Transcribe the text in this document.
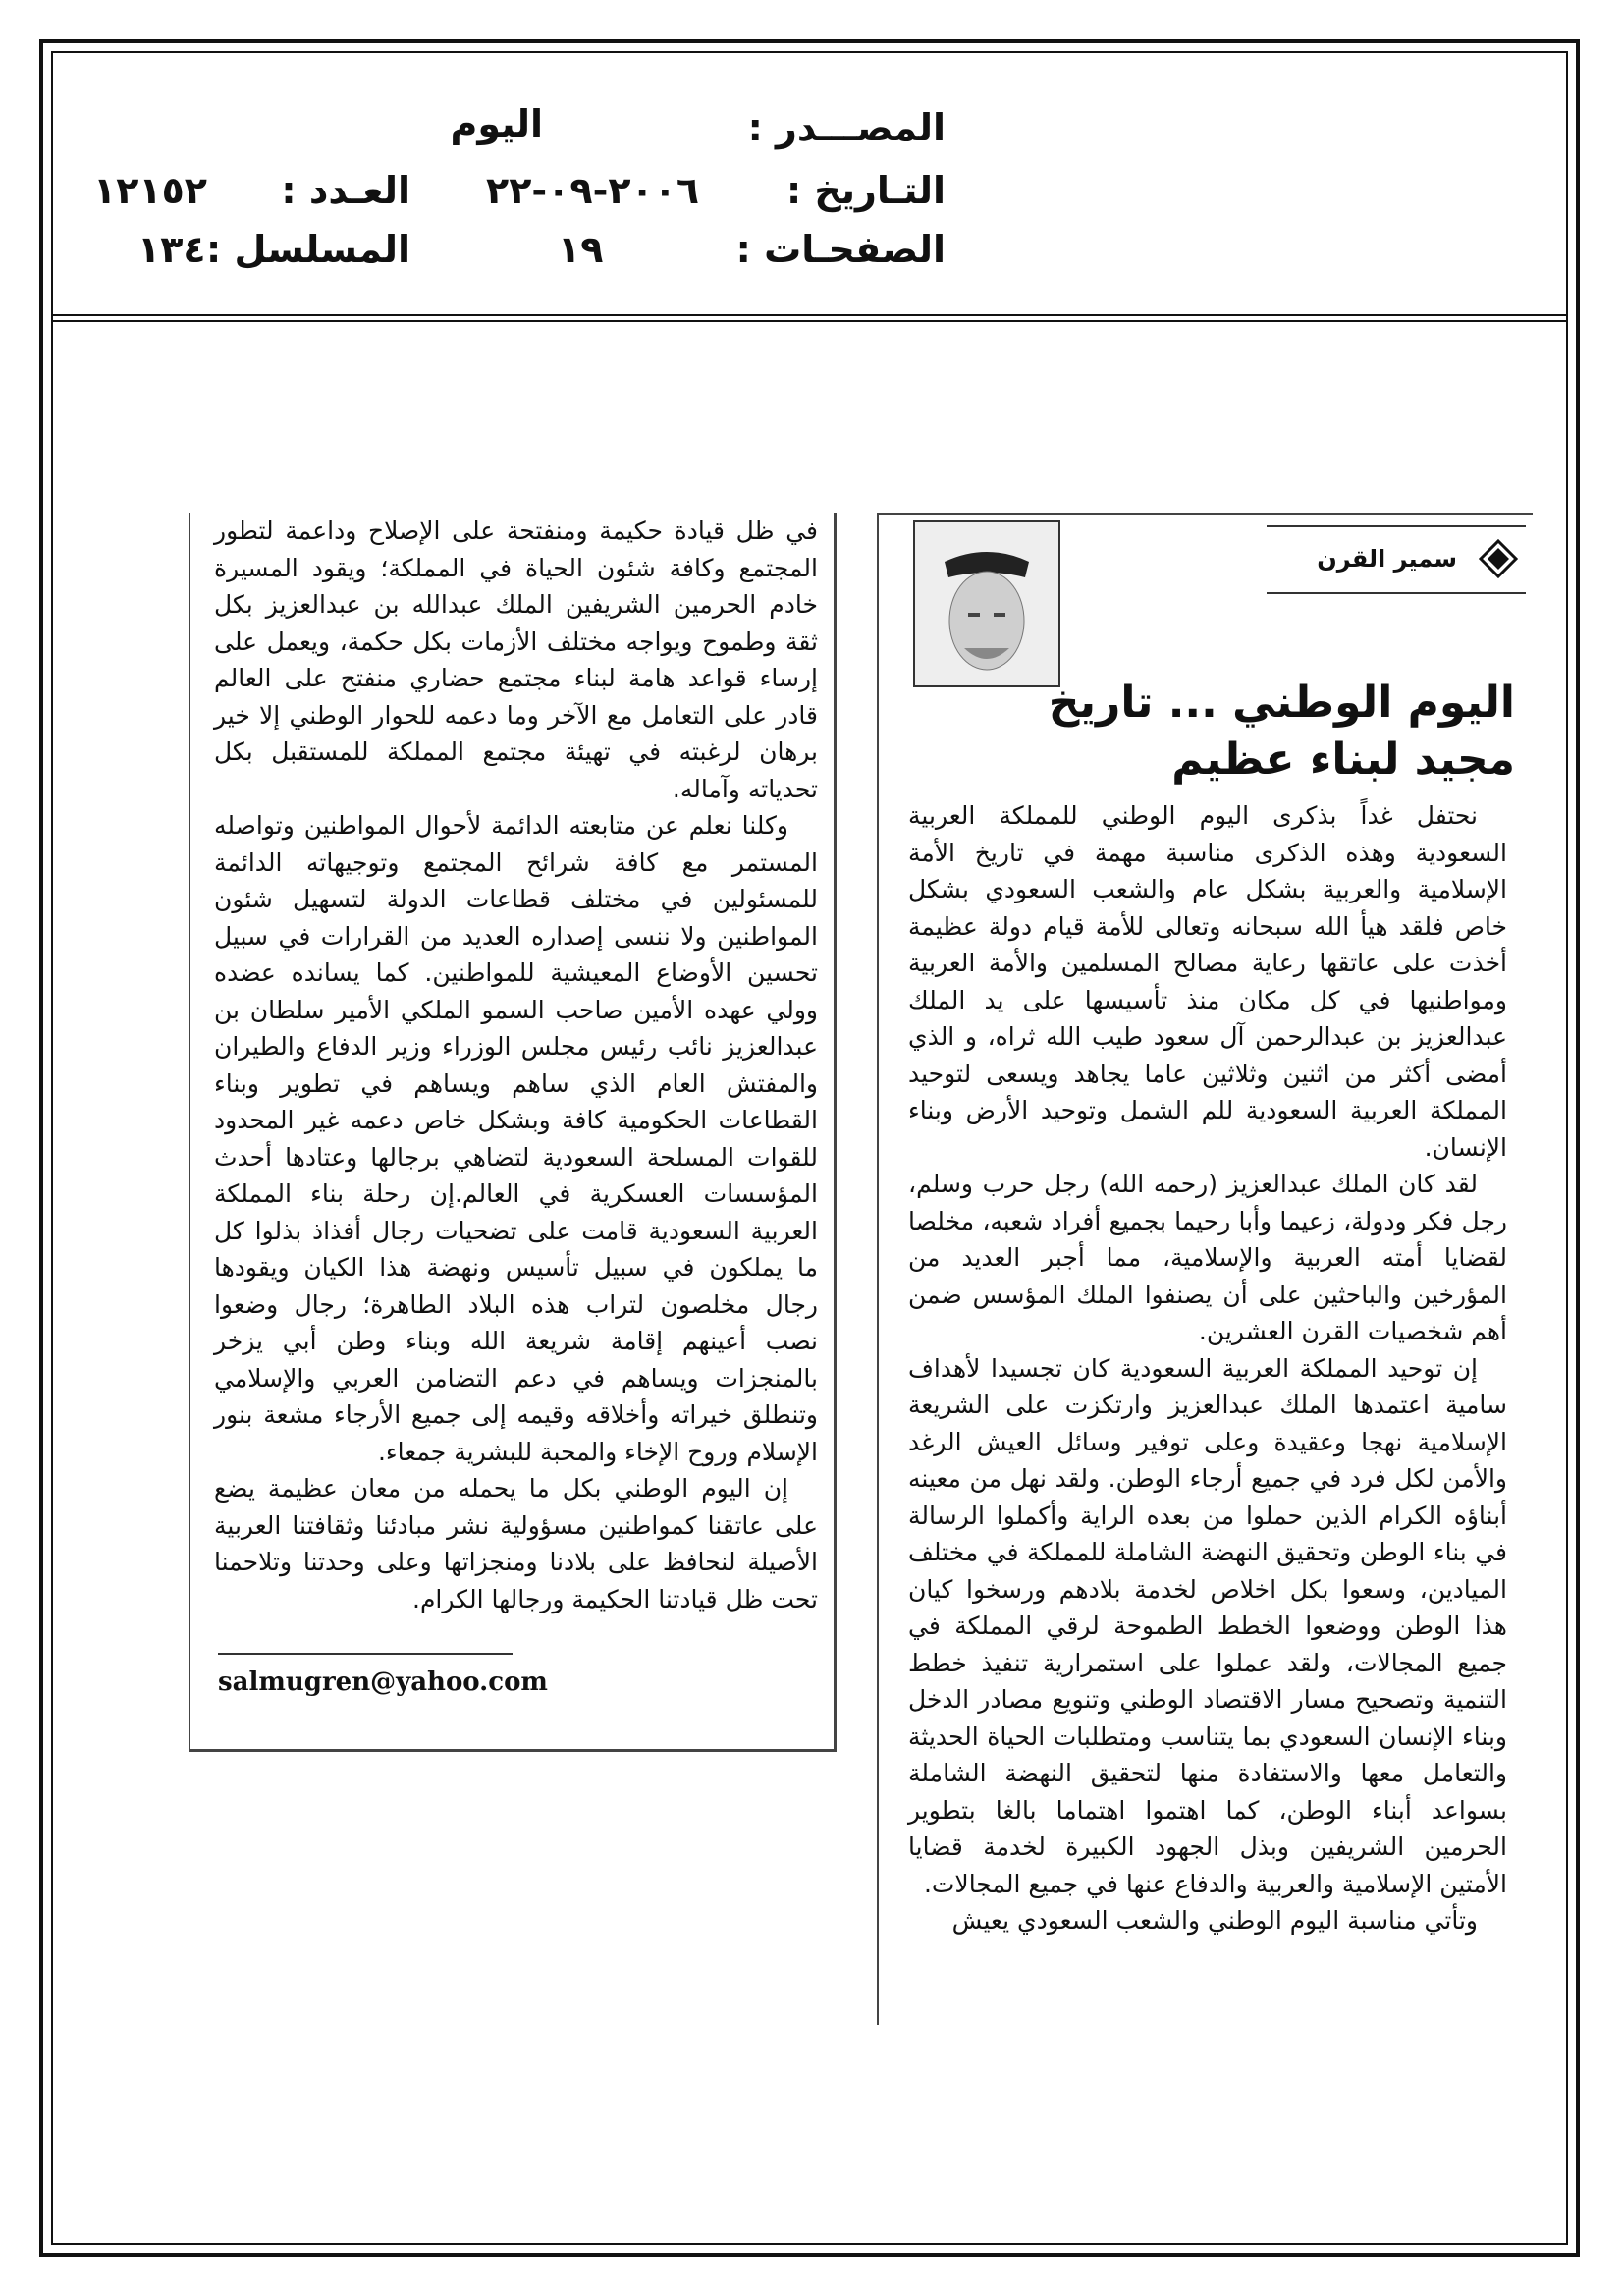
المصـــدر :
اليوم
التـاريخ :
٢٠٠٦-٠٩-٢٢
العـدد :
١٢١٥٢
الصفحـات :
١٩
المسلسل :
١٣٤
سمير القرن
اليوم الوطني ... تاريخ
مجيد لبناء عظيم

نحتفل غداً بذكرى اليوم الوطني للمملكة العربية السعودية وهذه الذكرى مناسبة مهمة في تاريخ الأمة الإسلامية والعربية بشكل عام والشعب السعودي بشكل خاص فلقد هيأ الله سبحانه وتعالى للأمة قيام دولة عظيمة أخذت على عاتقها رعاية مصالح المسلمين والأمة العربية ومواطنيها في كل مكان منذ تأسيسها على يد الملك عبدالعزيز بن عبدالرحمن آل سعود طيب الله ثراه، و الذي أمضى أكثر من اثنين وثلاثين عاما يجاهد ويسعى لتوحيد المملكة العربية السعودية للم الشمل وتوحيد الأرض وبناء الإنسان.

لقد كان الملك عبدالعزيز (رحمه الله) رجل حرب وسلم، رجل فكر ودولة، زعيما وأبا رحيما بجميع أفراد شعبه، مخلصا لقضايا أمته العربية والإسلامية، مما أجبر العديد من المؤرخين والباحثين على أن يصنفوا الملك المؤسس ضمن أهم شخصيات القرن العشرين.

إن توحيد المملكة العربية السعودية كان تجسيدا لأهداف سامية اعتمدها الملك عبدالعزيز وارتكزت على الشريعة الإسلامية نهجا وعقيدة وعلى توفير وسائل العيش الرغد والأمن لكل فرد في جميع أرجاء الوطن. ولقد نهل من معينه أبناؤه الكرام الذين حملوا من بعده الراية وأكملوا الرسالة في بناء الوطن وتحقيق النهضة الشاملة للمملكة في مختلف الميادين، وسعوا بكل اخلاص لخدمة بلادهم ورسخوا كيان هذا الوطن ووضعوا الخطط الطموحة لرقي المملكة في جميع المجالات، ولقد عملوا على استمرارية تنفيذ خطط التنمية وتصحيح مسار الاقتصاد الوطني وتنويع مصادر الدخل وبناء الإنسان السعودي بما يتناسب ومتطلبات الحياة الحديثة والتعامل معها والاستفادة منها لتحقيق النهضة الشاملة بسواعد أبناء الوطن، كما اهتموا اهتماما بالغا بتطوير الحرمين الشريفين وبذل الجهود الكبيرة لخدمة قضايا الأمتين الإسلامية والعربية والدفاع عنها في جميع المجالات.

وتأتي مناسبة اليوم الوطني والشعب السعودي يعيش

في ظل قيادة حكيمة ومنفتحة على الإصلاح وداعمة لتطور المجتمع وكافة شئون الحياة في المملكة؛ ويقود المسيرة خادم الحرمين الشريفين الملك عبدالله بن عبدالعزيز بكل ثقة وطموح ويواجه مختلف الأزمات بكل حكمة، ويعمل على إرساء قواعد هامة لبناء مجتمع حضاري منفتح على العالم قادر على التعامل مع الآخر وما دعمه للحوار الوطني إلا خير برهان لرغبته في تهيئة مجتمع المملكة للمستقبل بكل تحدياته وآماله.

وكلنا نعلم عن متابعته الدائمة لأحوال المواطنين وتواصله المستمر مع كافة شرائح المجتمع وتوجيهاته الدائمة للمسئولين في مختلف قطاعات الدولة لتسهيل شئون المواطنين ولا ننسى إصداره العديد من القرارات في سبيل تحسين الأوضاع المعيشية للمواطنين. كما يسانده عضده وولي عهده الأمين صاحب السمو الملكي الأمير سلطان بن عبدالعزيز نائب رئيس مجلس الوزراء وزير الدفاع والطيران والمفتش العام الذي ساهم ويساهم في تطوير وبناء القطاعات الحكومية كافة وبشكل خاص دعمه غير المحدود للقوات المسلحة السعودية لتضاهي برجالها وعتادها أحدث المؤسسات العسكرية في العالم.إن رحلة بناء المملكة العربية السعودية قامت على تضحيات رجال أفذاذ بذلوا كل ما يملكون في سبيل تأسيس ونهضة هذا الكيان ويقودها رجال مخلصون لتراب هذه البلاد الطاهرة؛ رجال وضعوا نصب أعينهم إقامة شريعة الله وبناء وطن أبي يزخر بالمنجزات ويساهم في دعم التضامن العربي والإسلامي وتنطلق خيراته وأخلاقه وقيمه إلى جميع الأرجاء مشعة بنور الإسلام وروح الإخاء والمحبة للبشرية جمعاء.

إن اليوم الوطني بكل ما يحمله من معان عظيمة يضع على عاتقنا كمواطنين مسؤولية نشر مبادئنا وثقافتنا العربية الأصيلة لنحافظ على بلادنا ومنجزاتها وعلى وحدتنا وتلاحمنا تحت ظل قيادتنا الحكيمة ورجالها الكرام.

salmugren@yahoo.com
